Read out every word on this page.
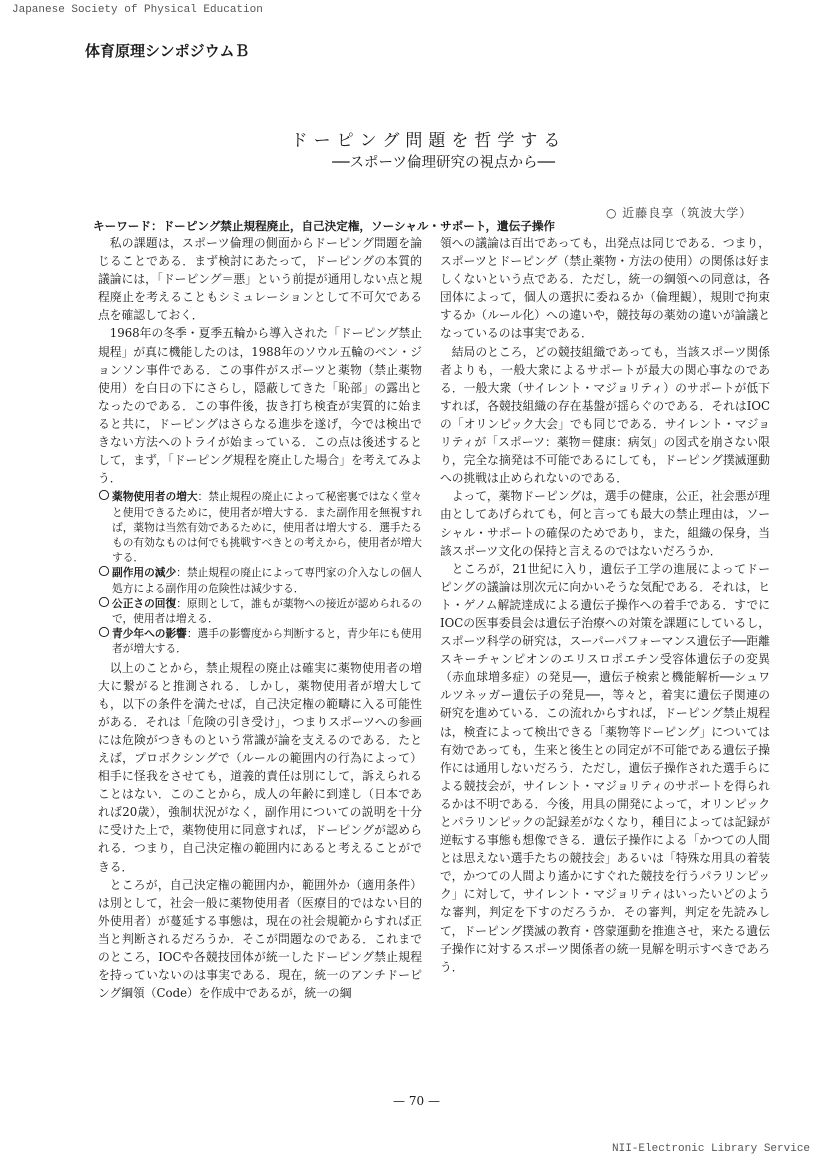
Japanese Society of Physical Education
体育原理シンポジウムＢ
ドーピング問題を哲学する
──スポーツ倫理研究の視点から──
○ 近藤良享（筑波大学）
キーワード：ドーピング禁止規程廃止，自己決定権，ソーシャル・サポート，遺伝子操作

私の課題は，スポーツ倫理の側面からドーピング問題を論じることである．まず検討にあたって，ドーピングの本質的議論には，「ドーピング＝悪」という前提が通用しない点と規程廃止を考えることもシミュレーションとして不可欠である点を確認しておく．

1968年の冬季・夏季五輪から導入された「ドーピング禁止規程」が真に機能したのは，1988年のソウル五輪のベン・ジョンソン事件である．この事件がスポーツと薬物（禁止薬物使用）を白日の下にさらし，隠蔽してきた「恥部」の露出となったのである．この事件後，抜き打ち検査が実質的に始まると共に，ドーピングはさらなる進歩を遂げ，今では検出できない方法へのトライが始まっている．この点は後述するとして，まず，「ドーピング規程を廃止した場合」を考えてみよう．

薬物使用者の増大：禁止規程の廃止によって秘密裏ではなく堂々と使用できるために，使用者が増大する．また副作用を無視すれば，薬物は当然有効であるために，使用者は増大する．選手たるもの有効なものは何でも挑戦すべきとの考えから，使用者が増大する．
副作用の減少：禁止規程の廃止によって専門家の介入なしの個人処方による副作用の危険性は減少する．
公正さの回復：原則として，誰もが薬物への接近が認められるので，使用者は増える．
青少年への影響：選手の影響度から判断すると，青少年にも使用者が増大する．

以上のことから，禁止規程の廃止は確実に薬物使用者の増大に繋がると推測される．しかし，薬物使用者が増大しても，以下の条件を満たせば，自己決定権の範疇に入る可能性がある．それは「危険の引き受け」，つまりスポーツへの参画には危険がつきものという常識が論を支えるのである．たとえば，プロボクシングで（ルールの範囲内の行為によって）相手に怪我をさせても，道義的責任は別にして，訴えられることはない．このことから，成人の年齢に到達し（日本であれば20歳），強制状況がなく，副作用についての説明を十分に受けた上で，薬物使用に同意すれば，ドーピングが認められる．つまり，自己決定権の範囲内にあると考えることができる．

ところが，自己決定権の範囲内か，範囲外か（適用条件）は別として，社会一般に薬物使用者（医療目的ではない目的外使用者）が蔓延する事態は，現在の社会規範からすれば正当と判断されるだろうか．そこが問題なのである．これまでのところ，IOCや各競技団体が統一したドーピング禁止規程を持っていないのは事実である．現在，統一のアンチドーピング綱領（Code）を作成中であるが，統一の綱

領への議論は百出であっても，出発点は同じである．つまり，スポーツとドーピング（禁止薬物・方法の使用）の関係は好ましくないという点である．ただし，統一の綱領への同意は，各団体によって，個人の選択に委ねるか（倫理観），規則で拘束するか（ルール化）への違いや，競技毎の薬効の違いが論議となっているのは事実である．

結局のところ，どの競技組織であっても，当該スポーツ関係者よりも，一般大衆によるサポートが最大の関心事なのである．一般大衆（サイレント・マジョリティ）のサポートが低下すれば，各競技組織の存在基盤が揺らぐのである．それはIOCの「オリンピック大会」でも同じである．サイレント・マジョリティが「スポーツ：薬物＝健康：病気」の図式を崩さない限り，完全な摘発は不可能であるにしても，ドーピング撲滅運動への挑戦は止められないのである．

よって，薬物ドーピングは，選手の健康，公正，社会悪が理由としてあげられても，何と言っても最大の禁止理由は，ソーシャル・サポートの確保のためであり，また，組織の保身，当該スポーツ文化の保持と言えるのではないだろうか．

ところが，21世紀に入り，遺伝子工学の進展によってドーピングの議論は別次元に向かいそうな気配である．それは，ヒト・ゲノム解読達成による遺伝子操作への着手である．すでにIOCの医事委員会は遺伝子治療への対策を課題にしているし，スポーツ科学の研究は，スーパーパフォーマンス遺伝子──距離スキーチャンピオンのエリスロポエチン受容体遺伝子の変異（赤血球増多症）の発見──，遺伝子検索と機能解析──シュワルツネッガー遺伝子の発見──，等々と，着実に遺伝子関連の研究を進めている．この流れからすれば，ドーピング禁止規程は，検査によって検出できる「薬物等ドーピング」については有効であっても，生来と後生との同定が不可能である遺伝子操作には通用しないだろう．ただし，遺伝子操作された選手らによる競技会が，サイレント・マジョリティのサポートを得られるかは不明である．今後，用具の開発によって，オリンピックとパラリンピックの記録差がなくなり，種目によっては記録が逆転する事態も想像できる．遺伝子操作による「かつての人間とは思えない選手たちの競技会」あるいは「特殊な用具の着装で，かつての人間より遙かにすぐれた競技を行うパラリンピック」に対して，サイレント・マジョリティはいったいどのような審判，判定を下すのだろうか．その審判，判定を先読みして，ドーピング撲滅の教育・啓蒙運動を推進させ，来たる遺伝子操作に対するスポーツ関係者の統一見解を明示すべきであろう．

— 70 —
NII-Electronic Library Service
